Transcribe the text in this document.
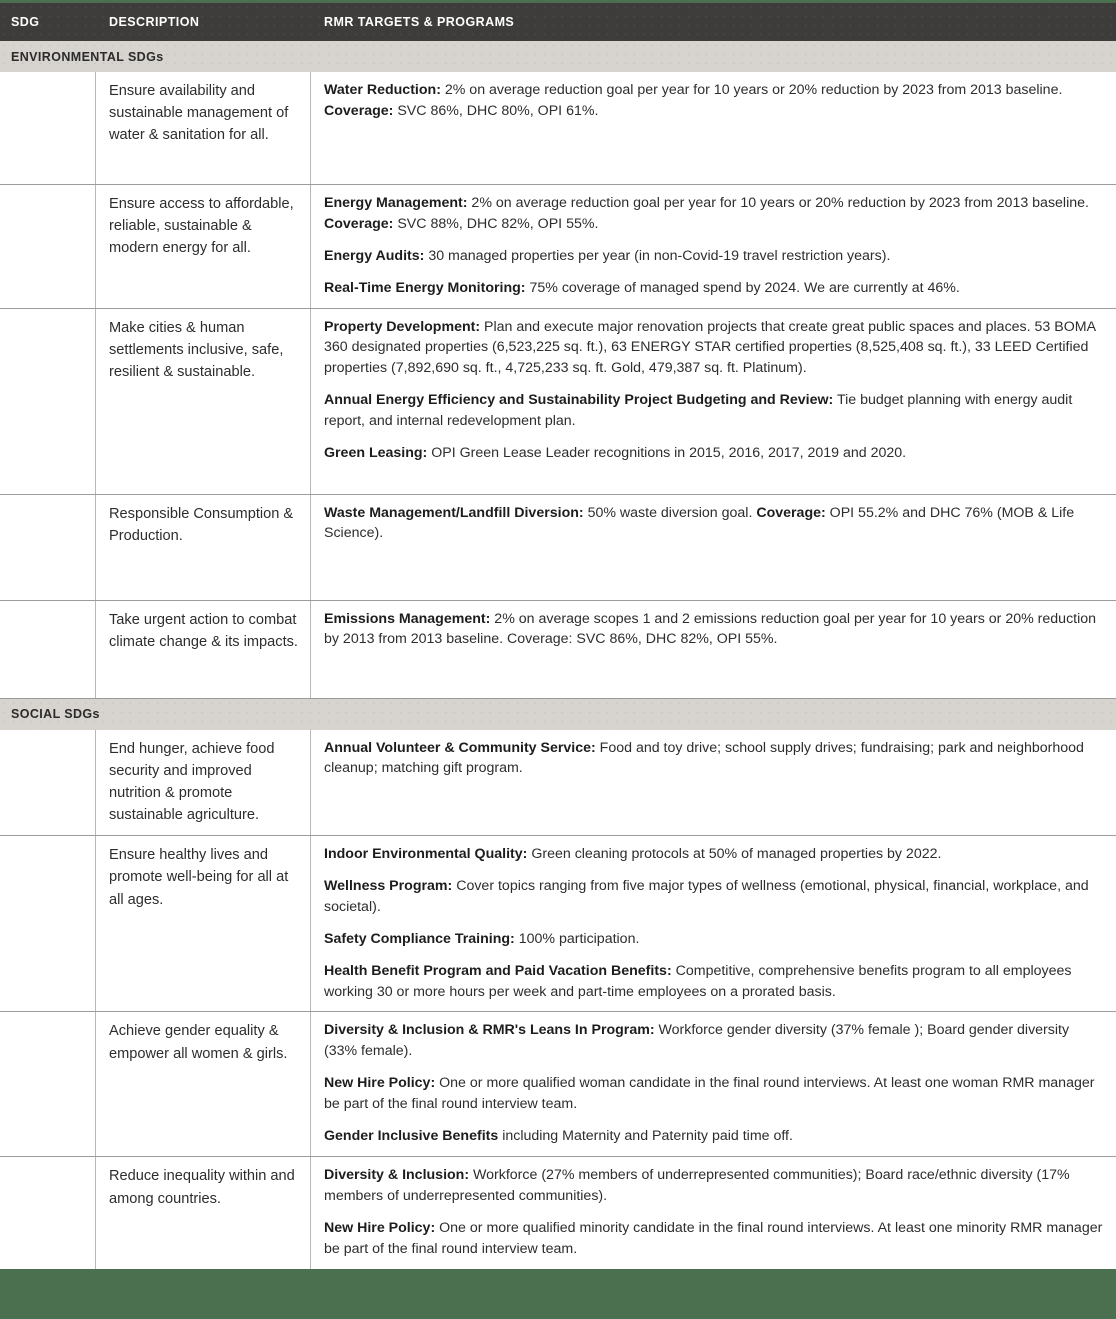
SDG	DESCRIPTION	RMR TARGETS & PROGRAMS
ENVIRONMENTAL SDGs
Ensure availability and sustainable management of water & sanitation for all.

Water Reduction: 2% on average reduction goal per year for 10 years or 20% reduction by 2023 from 2013 baseline. Coverage: SVC 86%, DHC 80%, OPI 61%.

Ensure access to affordable, reliable, sustainable & modern energy for all.

Energy Management: 2% on average reduction goal per year for 10 years or 20% reduction by 2023 from 2013 baseline. Coverage: SVC 88%, DHC 82%, OPI 55%.

Energy Audits: 30 managed properties per year (in non-Covid-19 travel restriction years).

Real-Time Energy Monitoring: 75% coverage of managed spend by 2024. We are currently at 46%.

Make cities & human settlements inclusive, safe, resilient & sustainable.

Property Development: Plan and execute major renovation projects that create great public spaces and places. 53 BOMA 360 designated properties (6,523,225 sq. ft.), 63 ENERGY STAR certified properties (8,525,408 sq. ft.), 33 LEED Certified properties (7,892,690 sq. ft., 4,725,233 sq. ft. Gold, 479,387 sq. ft. Platinum).

Annual Energy Efficiency and Sustainability Project Budgeting and Review: Tie budget planning with energy audit report, and internal redevelopment plan.

Green Leasing: OPI Green Lease Leader recognitions in 2015, 2016, 2017, 2019 and 2020.

Responsible Consumption & Production.

Waste Management/Landfill Diversion: 50% waste diversion goal. Coverage: OPI 55.2% and DHC 76% (MOB & Life Science).

Take urgent action to combat climate change & its impacts.

Emissions Management: 2% on average scopes 1 and 2 emissions reduction goal per year for 10 years or 20% reduction by 2013 from 2013 baseline. Coverage: SVC 86%, DHC 82%, OPI 55%.

SOCIAL SDGs
End hunger, achieve food security and improved nutrition & promote sustainable agriculture.

Annual Volunteer & Community Service: Food and toy drive; school supply drives; fundraising; park and neighborhood cleanup; matching gift program.

Ensure healthy lives and promote well-being for all at all ages.

Indoor Environmental Quality: Green cleaning protocols at 50% of managed properties by 2022.

Wellness Program: Cover topics ranging from five major types of wellness (emotional, physical, financial, workplace, and societal).

Safety Compliance Training: 100% participation.

Health Benefit Program and Paid Vacation Benefits: Competitive, comprehensive benefits program to all employees working 30 or more hours per week and part-time employees on a prorated basis.

Achieve gender equality & empower all women & girls.

Diversity & Inclusion & RMR's Leans In Program: Workforce gender diversity (37% female ); Board gender diversity (33% female).

New Hire Policy: One or more qualified woman candidate in the final round interviews. At least one woman RMR manager be part of the final round interview team.

Gender Inclusive Benefits including Maternity and Paternity paid time off.

Reduce inequality within and among countries.

Diversity & Inclusion: Workforce (27% members of underrepresented communities); Board race/ethnic diversity (17% members of underrepresented communities).

New Hire Policy: One or more qualified minority candidate in the final round interviews. At least one minority RMR manager be part of the final round interview team.
